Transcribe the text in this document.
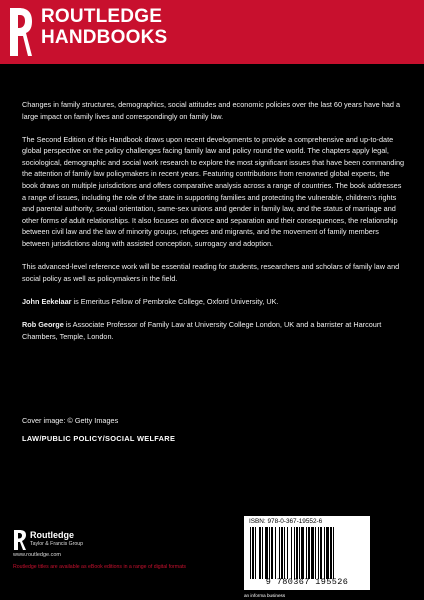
ROUTLEDGE
HANDBOOKS

Changes in family structures, demographics, social attitudes and economic policies over the last 60 years have had a large impact on family lives and correspondingly on family law.

The Second Edition of this Handbook draws upon recent developments to provide a comprehensive and up-to-date global perspective on the policy challenges facing family law and policy round the world. The chapters apply legal, sociological, demographic and social work research to explore the most significant issues that have been commanding the attention of family law policymakers in recent years. Featuring contributions from renowned global experts, the book draws on multiple jurisdictions and offers comparative analysis across a range of countries. The book addresses a range of issues, including the role of the state in supporting families and protecting the vulnerable, children’s rights and parental authority, sexual orientation, same-sex unions and gender in family law, and the status of marriage and other forms of adult relationships. It also focuses on divorce and separation and their consequences, the relationship between civil law and the law of minority groups, refugees and migrants, and the movement of family members between jurisdictions along with assisted conception, surrogacy and adoption.

This advanced-level reference work will be essential reading for students, researchers and scholars of family law and social policy as well as policymakers in the field.

John Eekelaar is Emeritus Fellow of Pembroke College, Oxford University, UK.

Rob George is Associate Professor of Family Law at University College London, UK and a barrister at Harcourt Chambers, Temple, London.

Cover image: © Getty Images
LAW/PUBLIC POLICY/SOCIAL WELFARE
Routledge
Taylor & Francis Group
www.routledge.com
Routledge titles are available as eBook editions in a range of digital formats
ISBN: 978-0-367-19552-6
9 780367 195526
an informa business
